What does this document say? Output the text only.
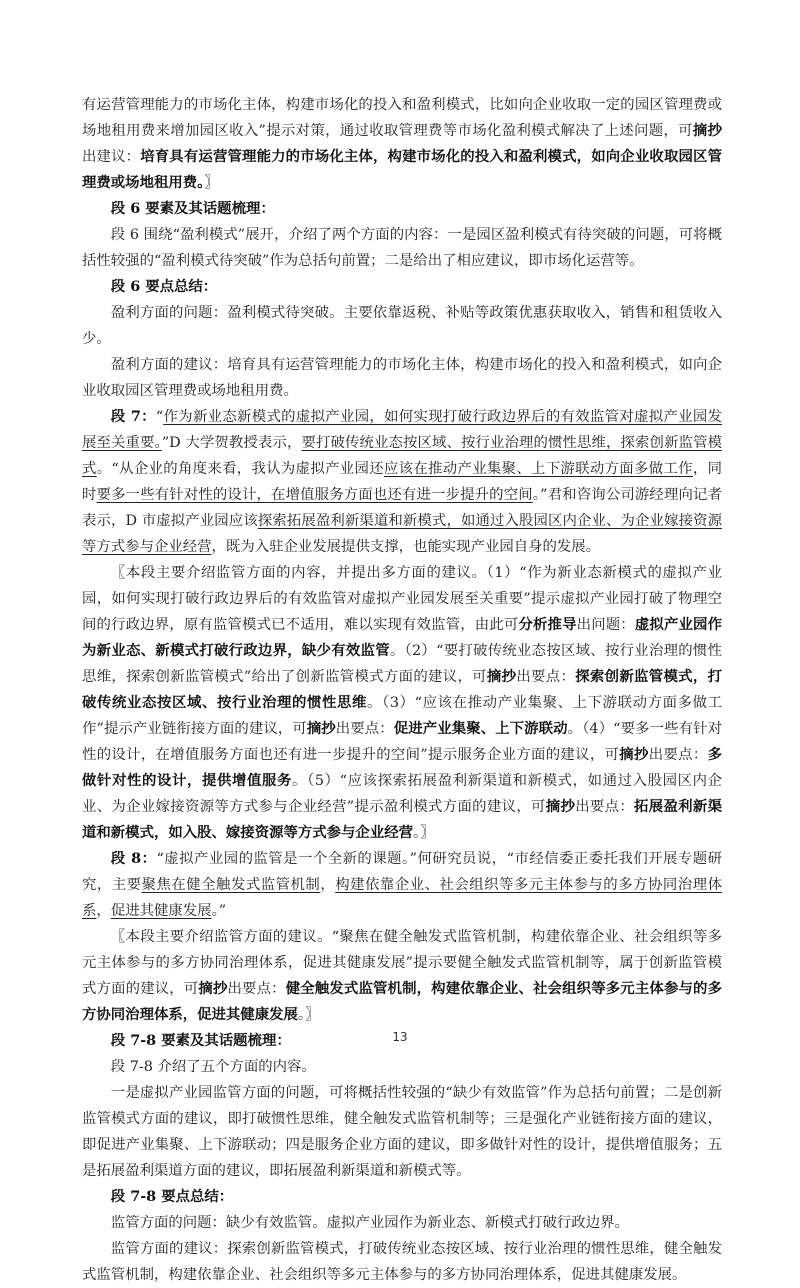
有运营管理能力的市场化主体，构建市场化的投入和盈利模式，比如向企业收取一定的园区管理费或场地租用费来增加园区收入”提示对策，通过收取管理费等市场化盈利模式解决了上述问题，可摘抄出建议：培育具有运营管理能力的市场化主体，构建市场化的投入和盈利模式，如向企业收取园区管理费或场地租用费。〗

段 6 要素及其话题梳理：

段 6 围绕“盈利模式”展开，介绍了两个方面的内容：一是园区盈利模式有待突破的问题，可将概括性较强的“盈利模式待突破”作为总括句前置；二是给出了相应建议，即市场化运营等。

段 6 要点总结：

盈利方面的问题：盈利模式待突破。主要依靠返税、补贴等政策优惠获取收入，销售和租赁收入少。

盈利方面的建议：培育具有运营管理能力的市场化主体，构建市场化的投入和盈利模式，如向企业收取园区管理费或场地租用费。

段 7：“作为新业态新模式的虚拟产业园，如何实现打破行政边界后的有效监管对虚拟产业园发展至关重要。”D 大学贺教授表示，要打破传统业态按区域、按行业治理的惯性思维，探索创新监管模式。“从企业的角度来看，我认为虚拟产业园还应该在推动产业集聚、上下游联动方面多做工作，同时要多一些有针对性的设计，在增值服务方面也还有进一步提升的空间。”君和咨询公司游经理向记者表示，D 市虚拟产业园应该探索拓展盈利新渠道和新模式，如通过入股园区内企业、为企业嫁接资源等方式参与企业经营，既为入驻企业发展提供支撑，也能实现产业园自身的发展。

〖本段主要介绍监管方面的内容，并提出多方面的建议。（1）“作为新业态新模式的虚拟产业园，如何实现打破行政边界后的有效监管对虚拟产业园发展至关重要”提示虚拟产业园打破了物理空间的行政边界，原有监管模式已不适用，难以实现有效监管，由此可分析推导出问题：虚拟产业园作为新业态、新模式打破行政边界，缺少有效监管。（2）“要打破传统业态按区域、按行业治理的惯性思维，探索创新监管模式”给出了创新监管模式方面的建议，可摘抄出要点：探索创新监管模式，打破传统业态按区域、按行业治理的惯性思维。（3）“应该在推动产业集聚、上下游联动方面多做工作”提示产业链衔接方面的建议，可摘抄出要点：促进产业集聚、上下游联动。（4）“要多一些有针对性的设计，在增值服务方面也还有进一步提升的空间”提示服务企业方面的建议，可摘抄出要点：多做针对性的设计，提供增值服务。（5）“应该探索拓展盈利新渠道和新模式，如通过入股园区内企业、为企业嫁接资源等方式参与企业经营”提示盈利模式方面的建议，可摘抄出要点：拓展盈利新渠道和新模式，如入股、嫁接资源等方式参与企业经营。〗

段 8：“虚拟产业园的监管是一个全新的课题。”何研究员说，“市经信委正委托我们开展专题研究，主要聚焦在健全触发式监管机制，构建依靠企业、社会组织等多元主体参与的多方协同治理体系，促进其健康发展。”

〖本段主要介绍监管方面的建议。“聚焦在健全触发式监管机制，构建依靠企业、社会组织等多元主体参与的多方协同治理体系，促进其健康发展”提示要健全触发式监管机制等，属于创新监管模式方面的建议，可摘抄出要点：健全触发式监管机制，构建依靠企业、社会组织等多元主体参与的多方协同治理体系，促进其健康发展。〗

段 7-8 要素及其话题梳理：

段 7-8 介绍了五个方面的内容。

一是虚拟产业园监管方面的问题，可将概括性较强的“缺少有效监管”作为总括句前置；二是创新监管模式方面的建议，即打破惯性思维，健全触发式监管机制等；三是强化产业链衔接方面的建议，即促进产业集聚、上下游联动；四是服务企业方面的建议，即多做针对性的设计，提供增值服务；五是拓展盈利渠道方面的建议，即拓展盈利新渠道和新模式等。

段 7-8 要点总结：

监管方面的问题：缺少有效监管。虚拟产业园作为新业态、新模式打破行政边界。

监管方面的建议：探索创新监管模式，打破传统业态按区域、按行业治理的惯性思维，健全触发式监管机制，构建依靠企业、社会组织等多元主体参与的多方协同治理体系，促进其健康发展。

13
